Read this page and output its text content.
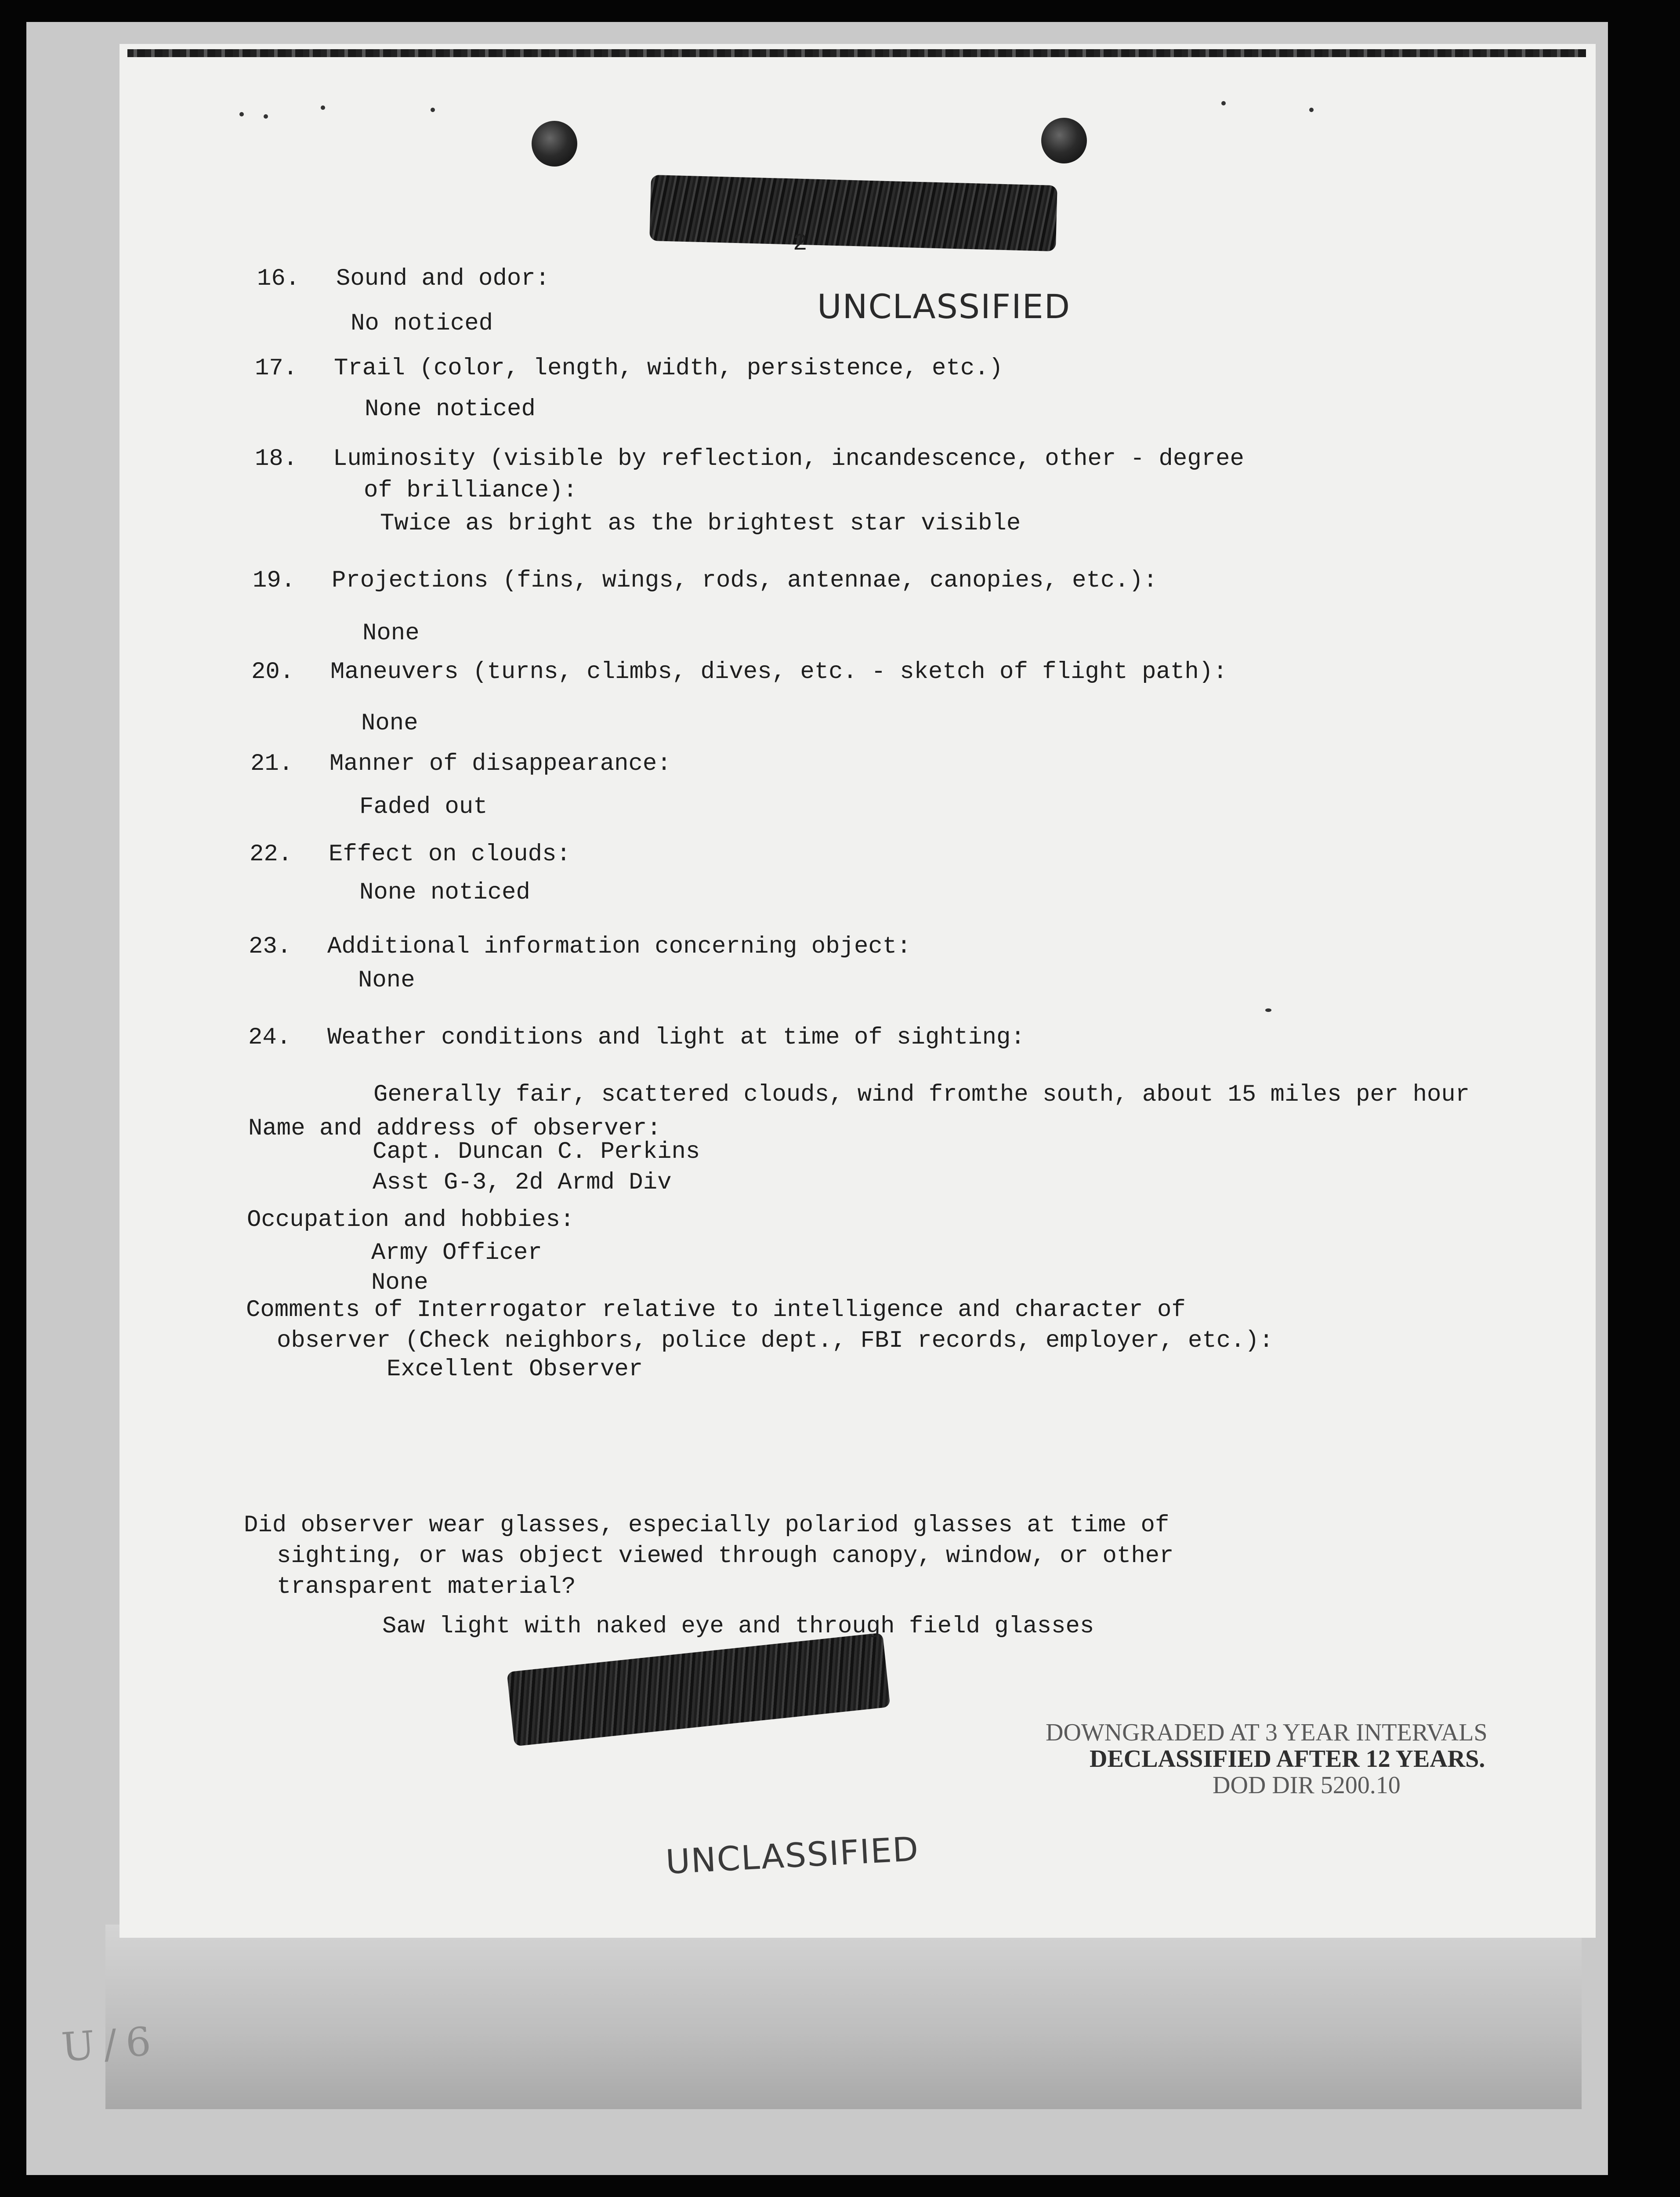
U/6
2
UNCLASSIFIED
16. Sound and odor:
No noticed
17. Trail (color, length, width, persistence, etc.)
None noticed
18. Luminosity (visible by reflection, incandescence, other - degree
of brilliance):
Twice as bright as the brightest star visible
19. Projections (fins, wings, rods, antennae, canopies, etc.):
None
20. Maneuvers (turns, climbs, dives, etc. - sketch of flight path):
None
21. Manner of disappearance:
Faded out
22. Effect on clouds:
None noticed
23. Additional information concerning object:
None
24. Weather conditions and light at time of sighting:
Generally fair, scattered clouds, wind fromthe south, about 15 miles per hour
Name and address of observer:
Capt. Duncan C. Perkins
Asst G-3, 2d Armd Div
Occupation and hobbies:
Army Officer
None
Comments of Interrogator relative to intelligence and character of
observer (Check neighbors, police dept., FBI records, employer, etc.):
Excellent Observer
Did observer wear glasses, especially polariod glasses at time of
sighting, or was object viewed through canopy, window, or other
transparent material?
Saw light with naked eye and through field glasses
DOWNGRADED AT 3 YEAR INTERVALS
DECLASSIFIED AFTER 12 YEARS.
DOD DIR 5200.10
UNCLASSIFIED
